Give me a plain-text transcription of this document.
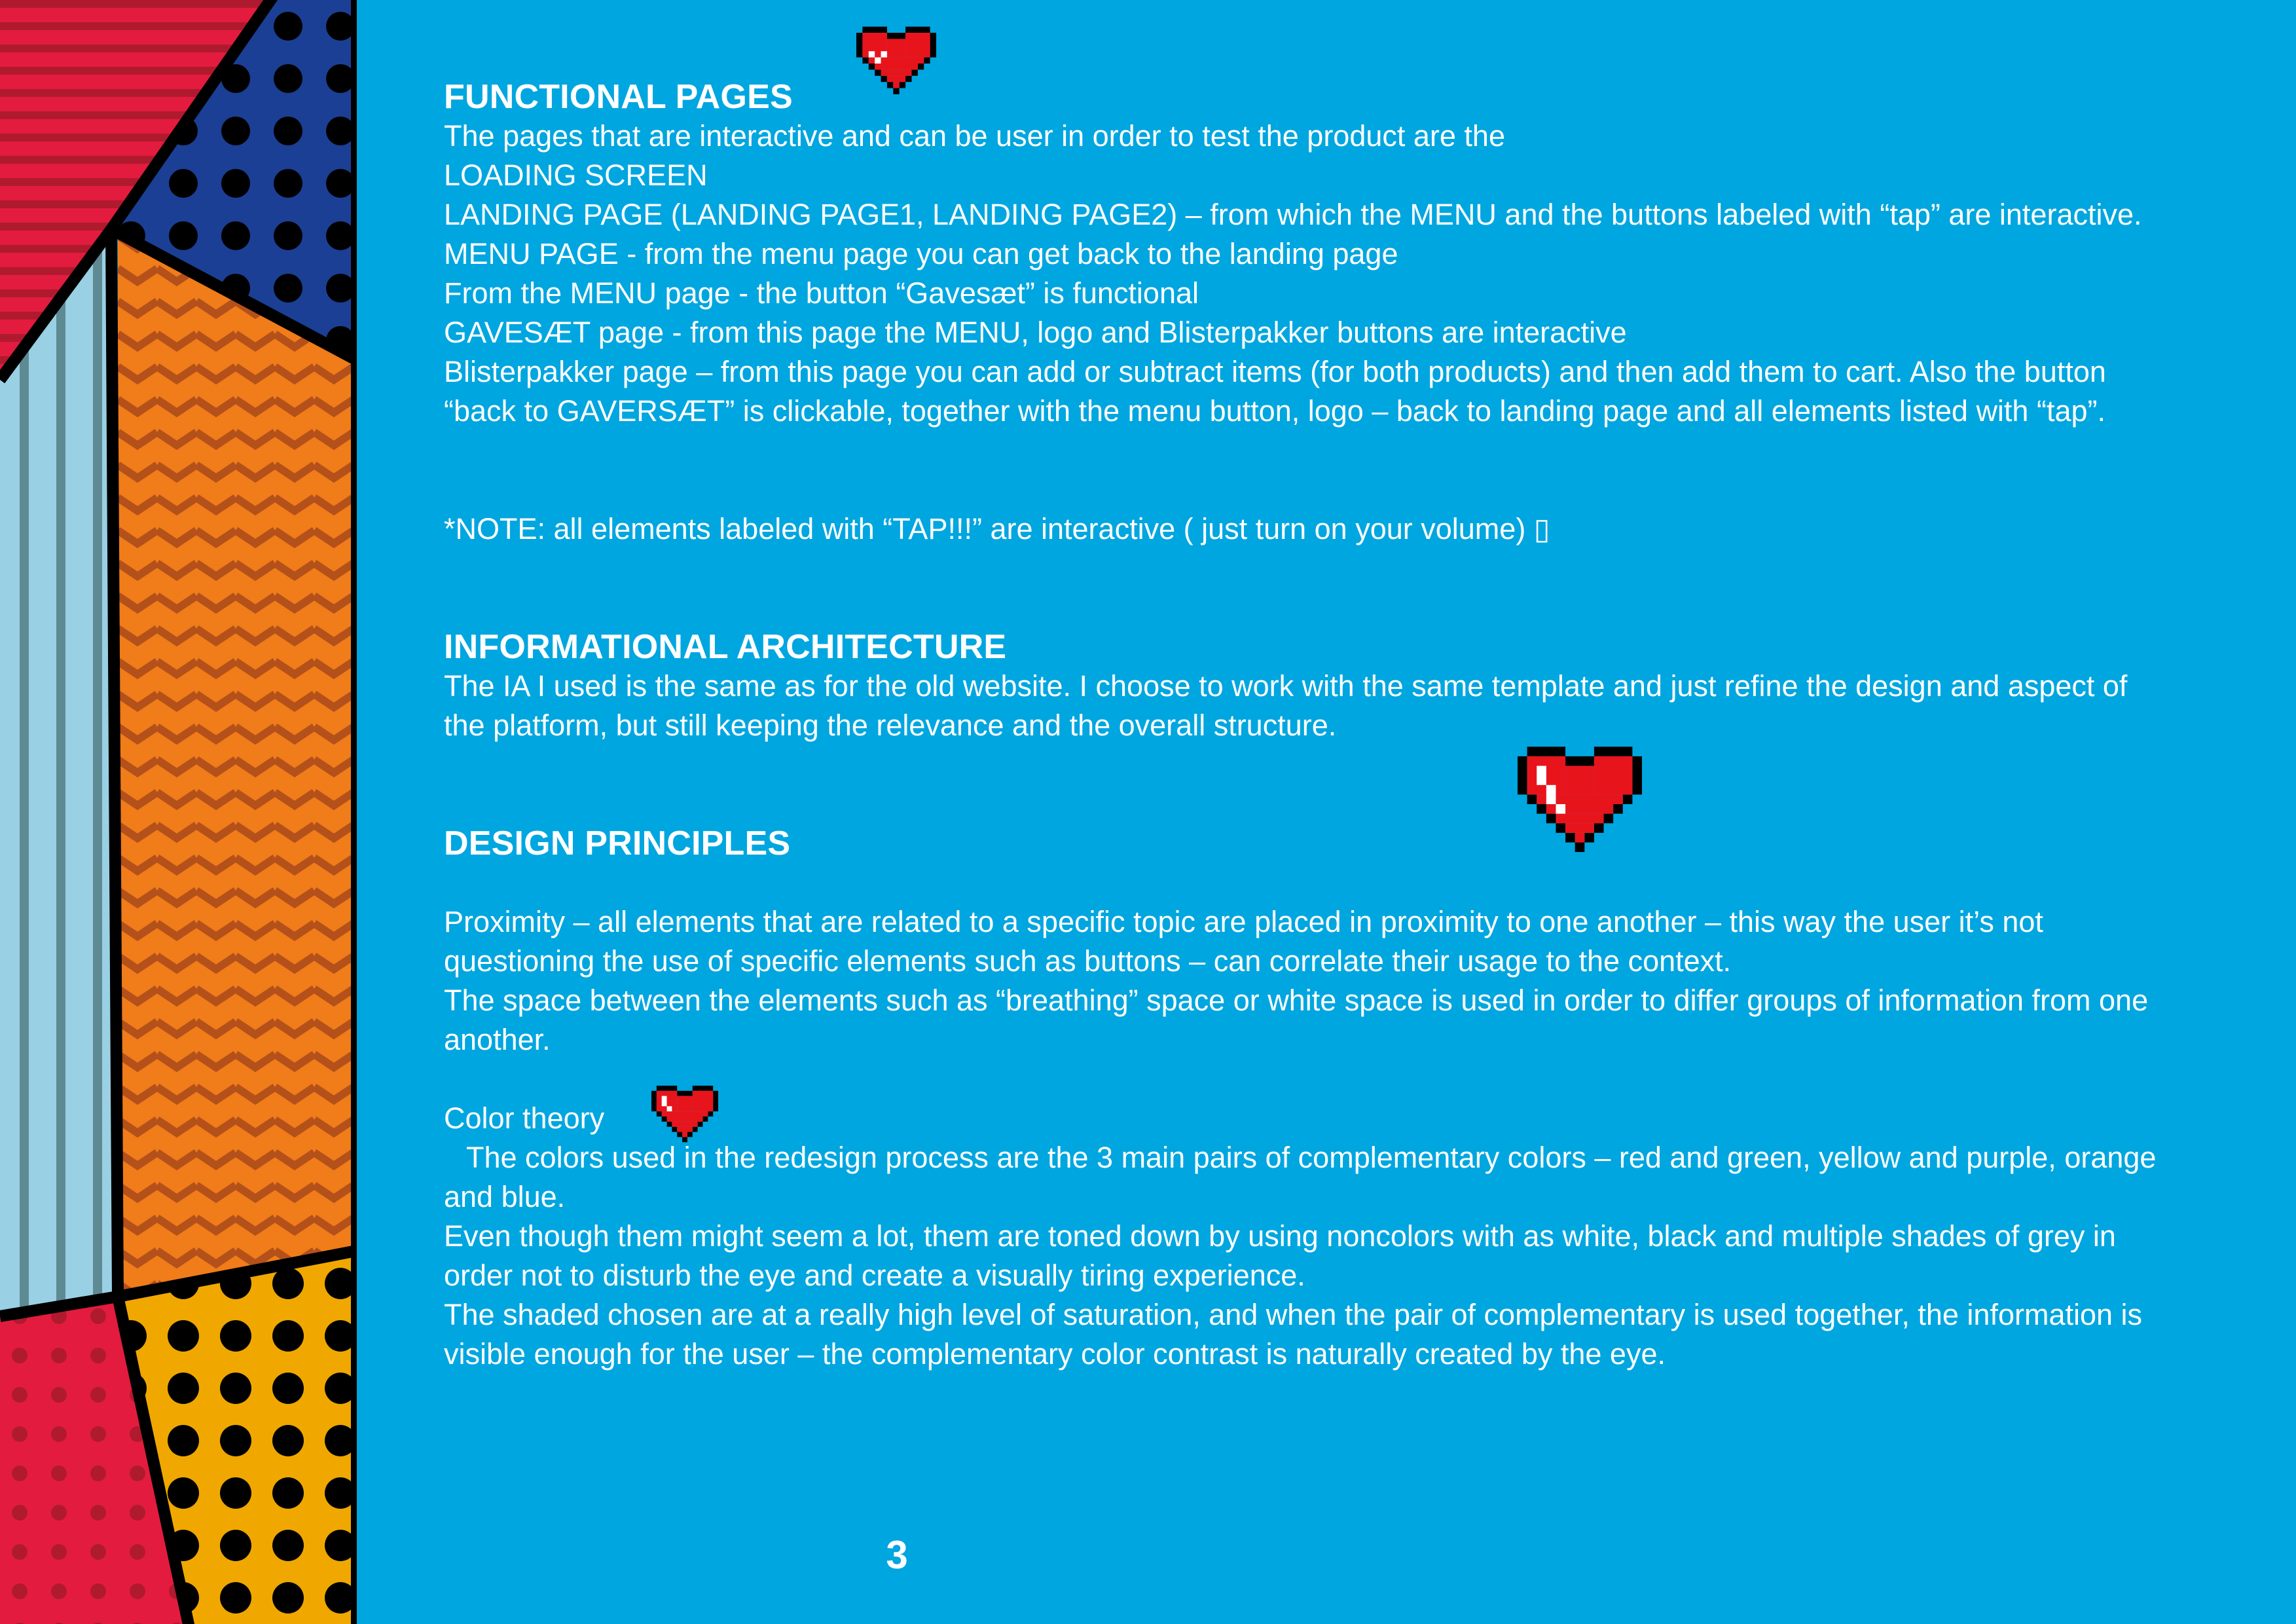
FUNCTIONAL PAGES

The pages that are interactive and can be user in order to test the product are the

LOADING SCREEN

LANDING PAGE (LANDING PAGE1, LANDING PAGE2) – from which the MENU and the buttons labeled with “tap” are interactive.

MENU PAGE - from the menu page you can get back to the landing page

From the MENU page - the button “Gavesæt” is functional

GAVESÆT page - from this page the MENU, logo and Blisterpakker buttons are interactive

Blisterpakker page – from this page you can add or subtract items (for both products) and then add them to cart. Also the button

“back to GAVERSÆT” is clickable, together with the menu button, logo – back to landing page and all elements listed with “tap”.

*NOTE: all elements labeled with “TAP!!!” are interactive ( just turn on your volume) ▯

INFORMATIONAL ARCHITECTURE

The IA I used is the same as for the old website. I choose to work with the same template and just refine the design and aspect of

the platform, but still keeping the relevance and the overall structure.

DESIGN PRINCIPLES

Proximity – all elements that are related to a specific topic are placed in proximity to one another – this way the user it’s not

questioning the use of specific elements such as buttons – can correlate their usage to the context.

The space between the elements such as “breathing” space or white space is used in order to differ groups of information from one

another.

Color theory

The colors used in the redesign process are the 3 main pairs of complementary colors – red and green, yellow and purple, orange

and blue.

Even though them might seem a lot, them are toned down by using noncolors with as white, black and multiple shades of grey in

order not to disturb the eye and create a visually tiring experience.

The shaded chosen are at a really high level of saturation, and when the pair of complementary is used together, the information is

visible enough for the user – the complementary color contrast is naturally created by the eye.

3
